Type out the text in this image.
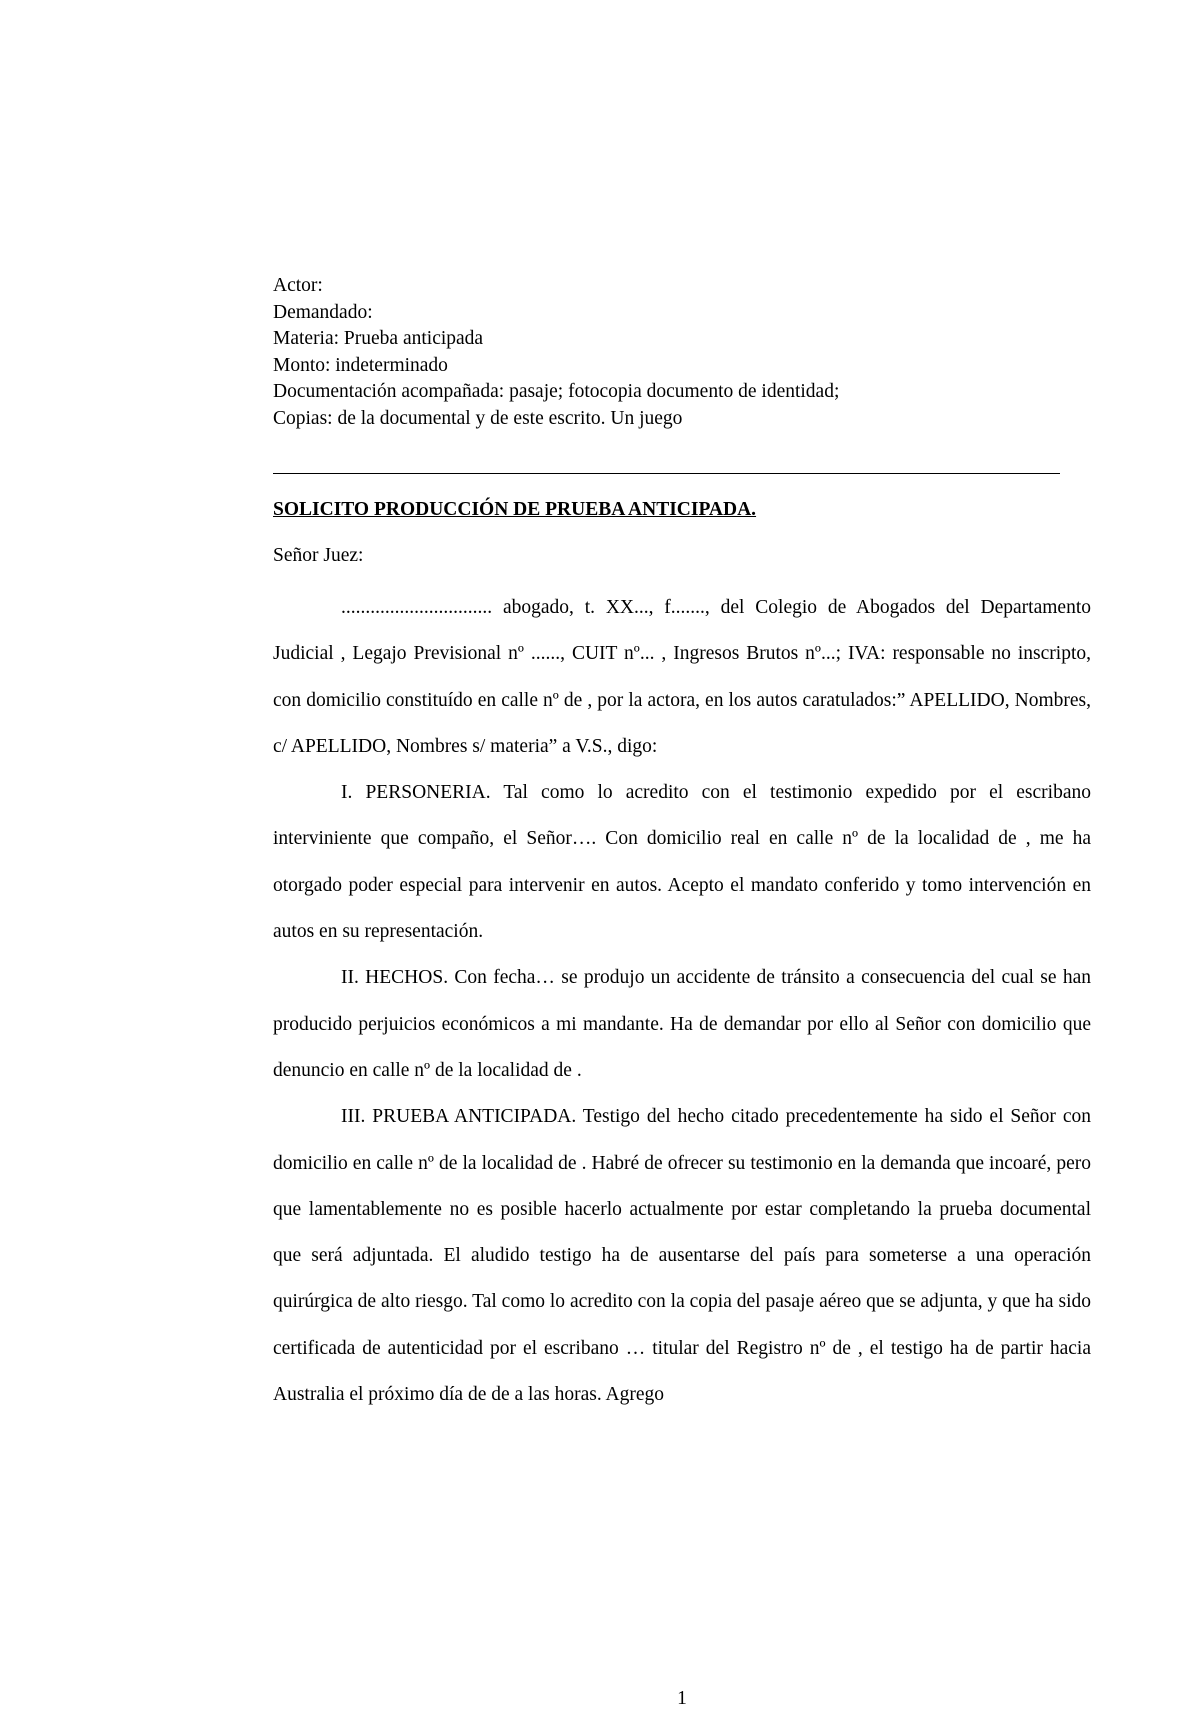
Actor:
Demandado:
Materia: Prueba anticipada
Monto: indeterminado
Documentación acompañada: pasaje; fotocopia documento de identidad;
Copias: de la documental y de este escrito. Un juego
SOLICITO PRODUCCIÓN DE PRUEBA ANTICIPADA.
Señor Juez:

............................... abogado, t. XX..., f......., del Colegio de Abogados del Departamento Judicial , Legajo Previsional nº ......, CUIT nº... , Ingresos Brutos nº...; IVA: responsable no inscripto, con domicilio constituído en calle nº de , por la actora, en los autos caratulados:” APELLIDO, Nombres, c/ APELLIDO, Nombres s/ materia” a V.S., digo:

I. PERSONERIA. Tal como lo acredito con el testimonio expedido por el escribano interviniente que compaño, el Señor…. Con domicilio real en calle nº de la localidad de , me ha otorgado poder especial para intervenir en autos. Acepto el mandato conferido y tomo intervención en autos en su representación.

II. HECHOS. Con fecha… se produjo un accidente de tránsito a consecuencia del cual se han producido perjuicios económicos a mi mandante. Ha de demandar por ello al Señor con domicilio que denuncio en calle nº de la localidad de .

III. PRUEBA ANTICIPADA. Testigo del hecho citado precedentemente ha sido el Señor con domicilio en calle nº de la localidad de . Habré de ofrecer su testimonio en la demanda que incoaré, pero que lamentablemente no es posible hacerlo actualmente por estar completando la prueba documental que será adjuntada. El aludido testigo ha de ausentarse del país para someterse a una operación quirúrgica de alto riesgo. Tal como lo acredito con la copia del pasaje aéreo que se adjunta, y que ha sido certificada de autenticidad por el escribano … titular del Registro nº de , el testigo ha de partir hacia Australia el próximo día de de a las horas. Agrego

1
